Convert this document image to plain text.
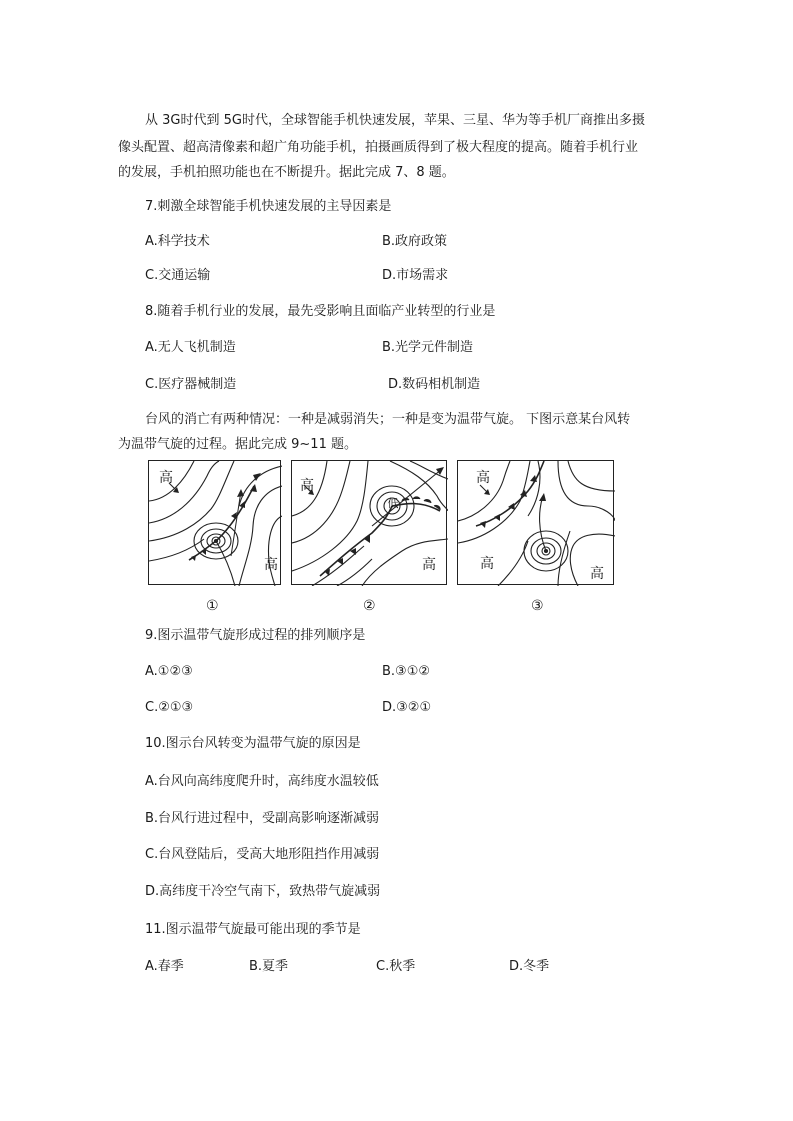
从 3G时代到 5G时代，全球智能手机快速发展，苹果、三星、华为等手机厂商推出多摄
像头配置、超高清像素和超广角功能手机，拍摄画质得到了极大程度的提高。随着手机行业
的发展，手机拍照功能也在不断提升。据此完成 7、8 题。
7.刺激全球智能手机快速发展的主导因素是
A.科学技术	B.政府政策
C.交通运输	D.市场需求
8.随着手机行业的发展，最先受影响且面临产业转型的行业是
A.无人飞机制造	B.光学元件制造
C.医疗器械制造	D.数码相机制造
台风的消亡有两种情况：一种是减弱消失；一种是变为温带气旋。 下图示意某台风转
为温带气旋的过程。据此完成 9~11 题。
高
高
高
低
高
高
高
高
①	②	③
9.图示温带气旋形成过程的排列顺序是
A.①②③	B.③①②
C.②①③	D.③②①
10.图示台风转变为温带气旋的原因是
A.台风向高纬度爬升时，高纬度水温较低
B.台风行进过程中，受副高影响逐渐减弱
C.台风登陆后，受高大地形阻挡作用减弱
D.高纬度干冷空气南下，致热带气旋减弱
11.图示温带气旋最可能出现的季节是
A.春季	B.夏季	C.秋季	D.冬季
